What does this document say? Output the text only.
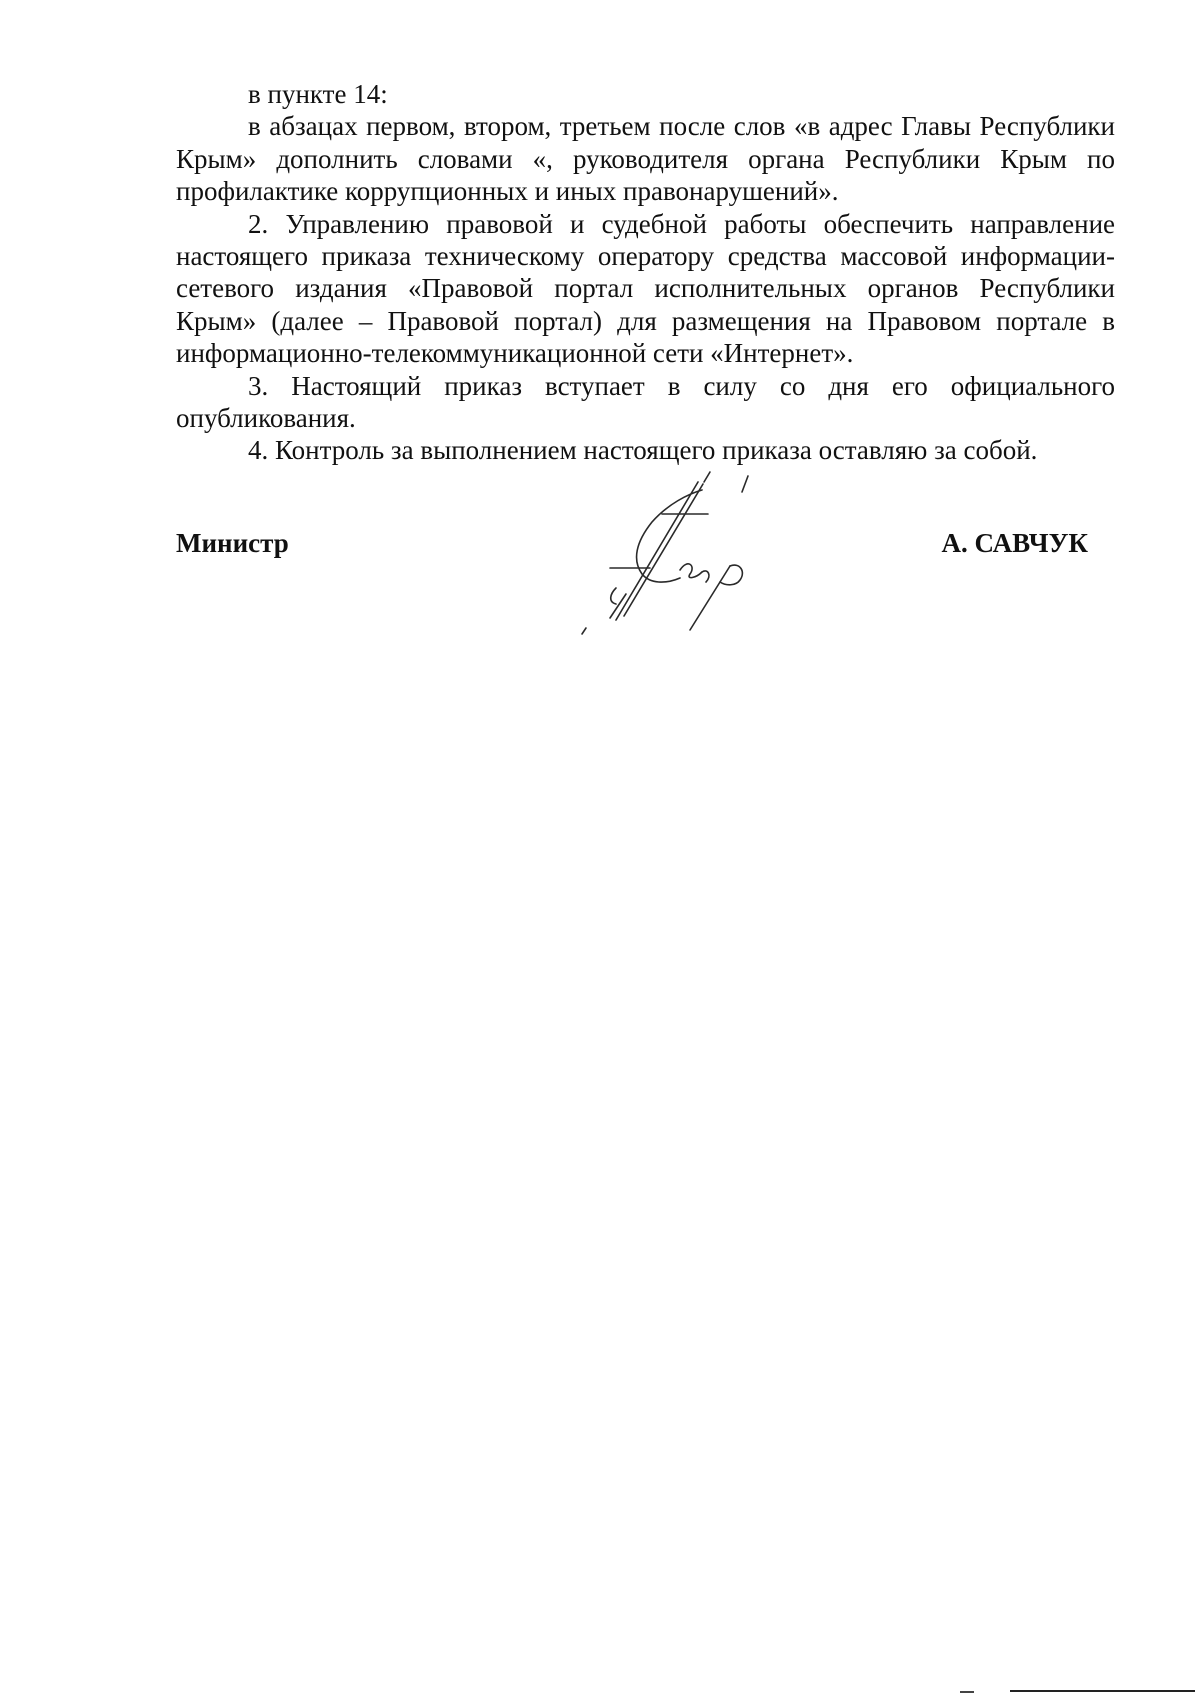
в пункте 14:

в абзацах первом, втором, третьем после слов «в адрес Главы Республики Крым» дополнить словами «, руководителя органа Республики Крым по профилактике коррупционных и иных правонарушений».

2. Управлению правовой и судебной работы обеспечить направление настоящего приказа техническому оператору средства массовой информации-сетевого издания «Правовой портал исполнительных органов Республики Крым» (далее – Правовой портал) для размещения на Правовом портале в информационно-телекоммуникационной сети «Интернет».

3. Настоящий приказ вступает в силу со дня его официального опубликования.

4. Контроль за выполнением настоящего приказа оставляю за собой.

Министр	А. САВЧУК
